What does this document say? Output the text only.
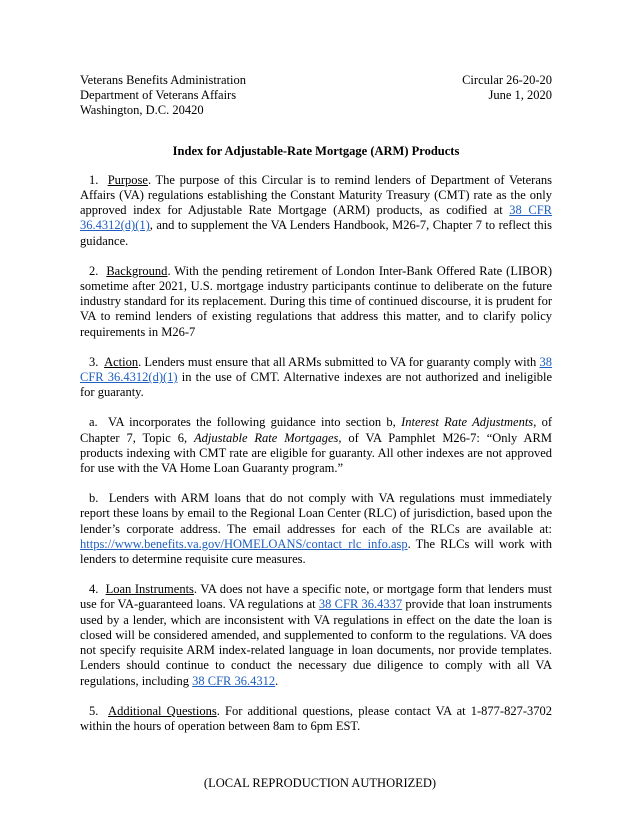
Veterans Benefits Administration
Department of Veterans Affairs
Washington, D.C. 20420
Circular 26-20-20
June 1, 2020
Index for Adjustable-Rate Mortgage (ARM) Products

1. Purpose. The purpose of this Circular is to remind lenders of Department of Veterans Affairs (VA) regulations establishing the Constant Maturity Treasury (CMT) rate as the only approved index for Adjustable Rate Mortgage (ARM) products, as codified at 38 CFR 36.4312(d)(1), and to supplement the VA Lenders Handbook, M26-7, Chapter 7 to reflect this guidance.

2. Background. With the pending retirement of London Inter-Bank Offered Rate (LIBOR) sometime after 2021, U.S. mortgage industry participants continue to deliberate on the future industry standard for its replacement. During this time of continued discourse, it is prudent for VA to remind lenders of existing regulations that address this matter, and to clarify policy requirements in M26-7

3. Action. Lenders must ensure that all ARMs submitted to VA for guaranty comply with 38 CFR 36.4312(d)(1) in the use of CMT. Alternative indexes are not authorized and ineligible for guaranty.

a. VA incorporates the following guidance into section b, Interest Rate Adjustments, of Chapter 7, Topic 6, Adjustable Rate Mortgages, of VA Pamphlet M26-7: “Only ARM products indexing with CMT rate are eligible for guaranty. All other indexes are not approved for use with the VA Home Loan Guaranty program.”

b. Lenders with ARM loans that do not comply with VA regulations must immediately report these loans by email to the Regional Loan Center (RLC) of jurisdiction, based upon the lender’s corporate address. The email addresses for each of the RLCs are available at: https://www.benefits.va.gov/HOMELOANS/contact_rlc_info.asp. The RLCs will work with lenders to determine requisite cure measures.

4. Loan Instruments. VA does not have a specific note, or mortgage form that lenders must use for VA-guaranteed loans. VA regulations at 38 CFR 36.4337 provide that loan instruments used by a lender, which are inconsistent with VA regulations in effect on the date the loan is closed will be considered amended, and supplemented to conform to the regulations. VA does not specify requisite ARM index-related language in loan documents, nor provide templates. Lenders should continue to conduct the necessary due diligence to comply with all VA regulations, including 38 CFR 36.4312.

5. Additional Questions. For additional questions, please contact VA at 1-877-827-3702 within the hours of operation between 8am to 6pm EST.

(LOCAL REPRODUCTION AUTHORIZED)
